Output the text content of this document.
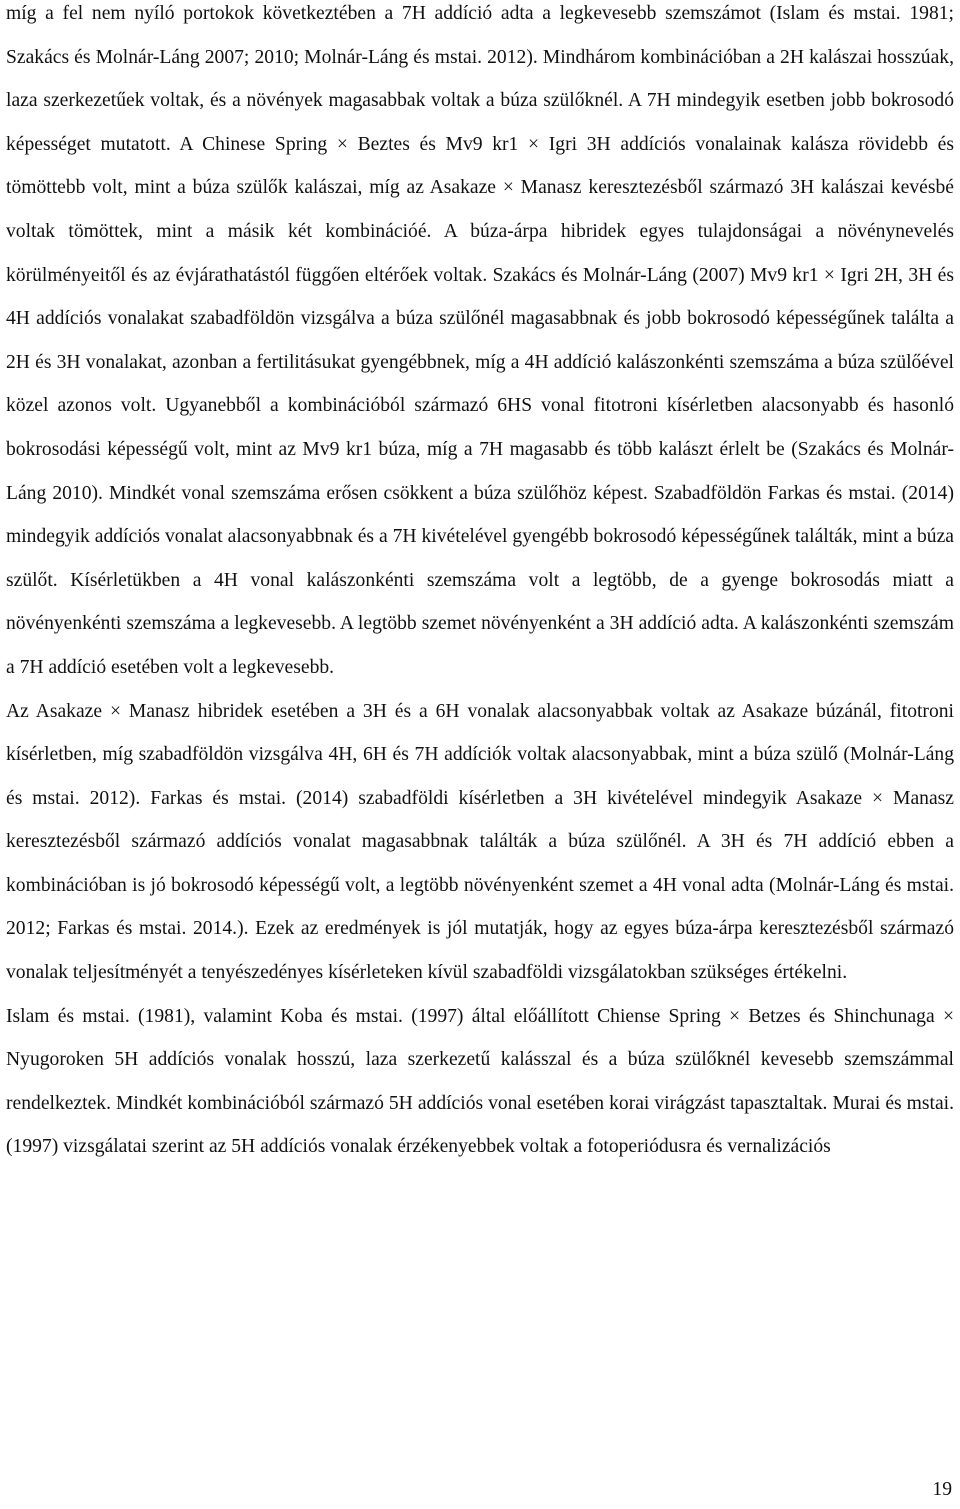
míg a fel nem nyíló portokok következtében a 7H addíció adta a legkevesebb szemszámot (Islam és mstai. 1981; Szakács és Molnár-Láng 2007; 2010; Molnár-Láng és mstai. 2012). Mindhárom kombinációban a 2H kalászai hosszúak, laza szerkezetűek voltak, és a növények magasabbak voltak a búza szülőknél. A 7H mindegyik esetben jobb bokrosodó képességet mutatott. A Chinese Spring × Beztes és Mv9 kr1 × Igri 3H addíciós vonalainak kalásza rövidebb és tömöttebb volt, mint a búza szülők kalászai, míg az Asakaze × Manasz keresztezésből származó 3H kalászai kevésbé voltak tömöttek, mint a másik két kombinációé. A búza-árpa hibridek egyes tulajdonságai a növénynevelés körülményeitől és az évjárathatástól függően eltérőek voltak. Szakács és Molnár-Láng (2007) Mv9 kr1 × Igri 2H, 3H és 4H addíciós vonalakat szabadföldön vizsgálva a búza szülőnél magasabbnak és jobb bokrosodó képességűnek találta a 2H és 3H vonalakat, azonban a fertilitásukat gyengébbnek, míg a 4H addíció kalászonkénti szemszáma a búza szülőével közel azonos volt. Ugyanebből a kombinációból származó 6HS vonal fitotroni kísérletben alacsonyabb és hasonló bokrosodási képességű volt, mint az Mv9 kr1 búza, míg a 7H magasabb és több kalászt érlelt be (Szakács és Molnár-Láng 2010). Mindkét vonal szemszáma erősen csökkent a búza szülőhöz képest. Szabadföldön Farkas és mstai. (2014) mindegyik addíciós vonalat alacsonyabbnak és a 7H kivételével gyengébb bokrosodó képességűnek találták, mint a búza szülőt. Kísérletükben a 4H vonal kalászonkénti szemszáma volt a legtöbb, de a gyenge bokrosodás miatt a növényenkénti szemszáma a legkevesebb. A legtöbb szemet növényenként a 3H addíció adta. A kalászonkénti szemszám a 7H addíció esetében volt a legkevesebb.

Az Asakaze × Manasz hibridek esetében a 3H és a 6H vonalak alacsonyabbak voltak az Asakaze búzánál, fitotroni kísérletben, míg szabadföldön vizsgálva 4H, 6H és 7H addíciók voltak alacsonyabbak, mint a búza szülő (Molnár-Láng és mstai. 2012). Farkas és mstai. (2014) szabadföldi kísérletben a 3H kivételével mindegyik Asakaze × Manasz keresztezésből származó addíciós vonalat magasabbnak találták a búza szülőnél. A 3H és 7H addíció ebben a kombinációban is jó bokrosodó képességű volt, a legtöbb növényenként szemet a 4H vonal adta (Molnár-Láng és mstai. 2012; Farkas és mstai. 2014.). Ezek az eredmények is jól mutatják, hogy az egyes búza-árpa keresztezésből származó vonalak teljesítményét a tenyészedényes kísérleteken kívül szabadföldi vizsgálatokban szükséges értékelni.

Islam és mstai. (1981), valamint Koba és mstai. (1997) által előállított Chiense Spring × Betzes és Shinchunaga × Nyugoroken 5H addíciós vonalak hosszú, laza szerkezetű kalásszal és a búza szülőknél kevesebb szemszámmal rendelkeztek. Mindkét kombinációból származó 5H addíciós vonal esetében korai virágzást tapasztaltak. Murai és mstai. (1997) vizsgálatai szerint az 5H addíciós vonalak érzékenyebbek voltak a fotoperiódusra és vernalizációs

19
